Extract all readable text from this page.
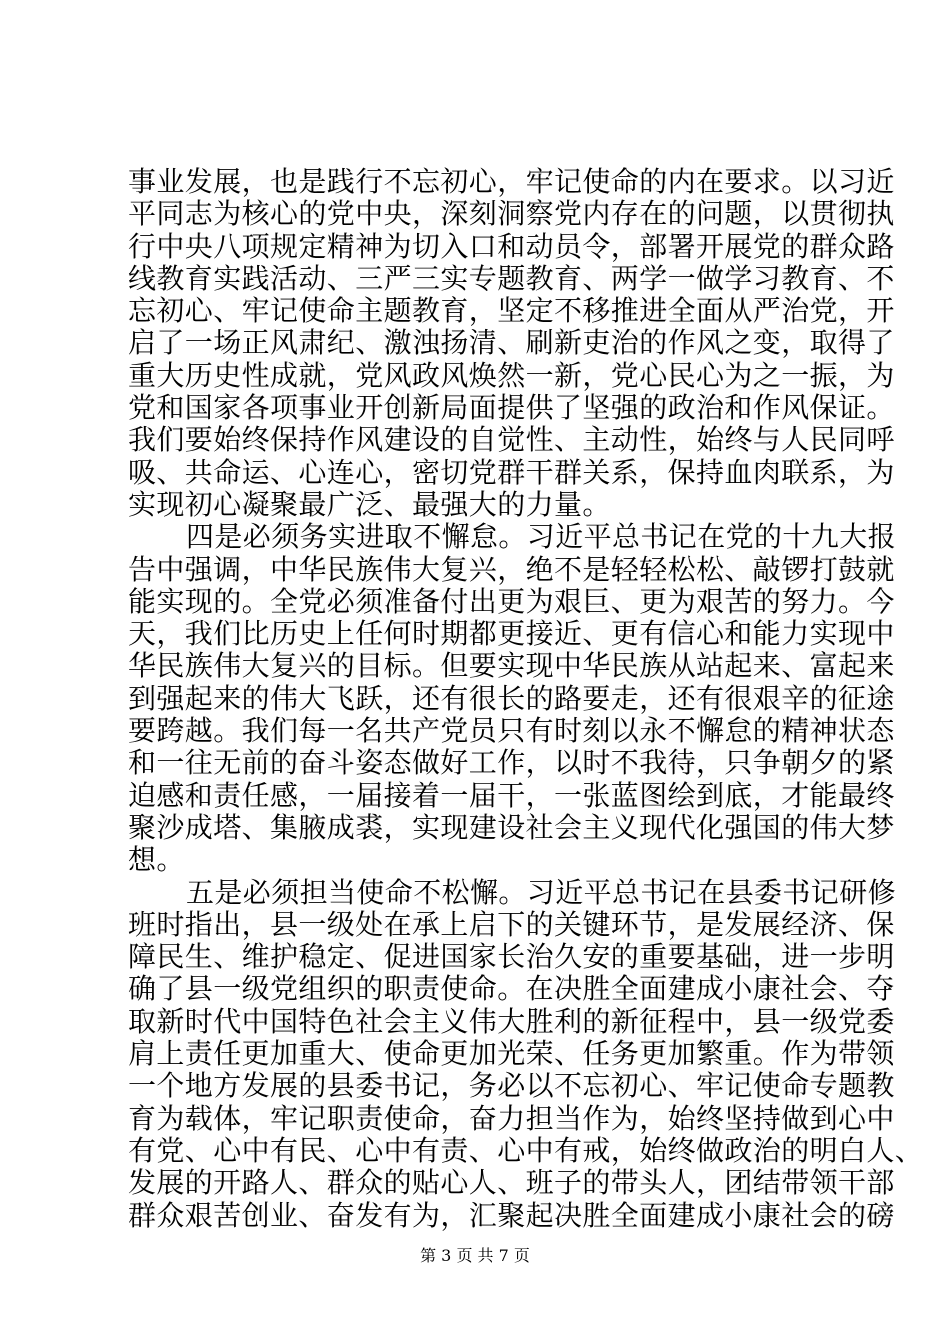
事业发展，也是践行不忘初心，牢记使命的内在要求。以习近
平同志为核心的党中央，深刻洞察党内存在的问题，以贯彻执
行中央八项规定精神为切入口和动员令，部署开展党的群众路
线教育实践活动、三严三实专题教育、两学一做学习教育、不
忘初心、牢记使命主题教育，坚定不移推进全面从严治党，开
启了一场正风肃纪、激浊扬清、刷新吏治的作风之变，取得了
重大历史性成就，党风政风焕然一新，党心民心为之一振，为
党和国家各项事业开创新局面提供了坚强的政治和作风保证。
我们要始终保持作风建设的自觉性、主动性，始终与人民同呼
吸、共命运、心连心，密切党群干群关系，保持血肉联系，为
实现初心凝聚最广泛、最强大的力量。
四是必须务实进取不懈怠。习近平总书记在党的十九大报
告中强调，中华民族伟大复兴，绝不是轻轻松松、敲锣打鼓就
能实现的。全党必须准备付出更为艰巨、更为艰苦的努力。今
天，我们比历史上任何时期都更接近、更有信心和能力实现中
华民族伟大复兴的目标。但要实现中华民族从站起来、富起来
到强起来的伟大飞跃，还有很长的路要走，还有很艰辛的征途
要跨越。我们每一名共产党员只有时刻以永不懈怠的精神状态
和一往无前的奋斗姿态做好工作，以时不我待，只争朝夕的紧
迫感和责任感，一届接着一届干，一张蓝图绘到底，才能最终
聚沙成塔、集腋成裘，实现建设社会主义现代化强国的伟大梦
想。
五是必须担当使命不松懈。习近平总书记在县委书记研修
班时指出，县一级处在承上启下的关键环节，是发展经济、保
障民生、维护稳定、促进国家长治久安的重要基础，进一步明
确了县一级党组织的职责使命。在决胜全面建成小康社会、夺
取新时代中国特色社会主义伟大胜利的新征程中，县一级党委
肩上责任更加重大、使命更加光荣、任务更加繁重。作为带领
一个地方发展的县委书记，务必以不忘初心、牢记使命专题教
育为载体，牢记职责使命，奋力担当作为，始终坚持做到心中
有党、心中有民、心中有责、心中有戒，始终做政治的明白人、
发展的开路人、群众的贴心人、班子的带头人，团结带领干部
群众艰苦创业、奋发有为，汇聚起决胜全面建成小康社会的磅
第 3 页 共 7 页
